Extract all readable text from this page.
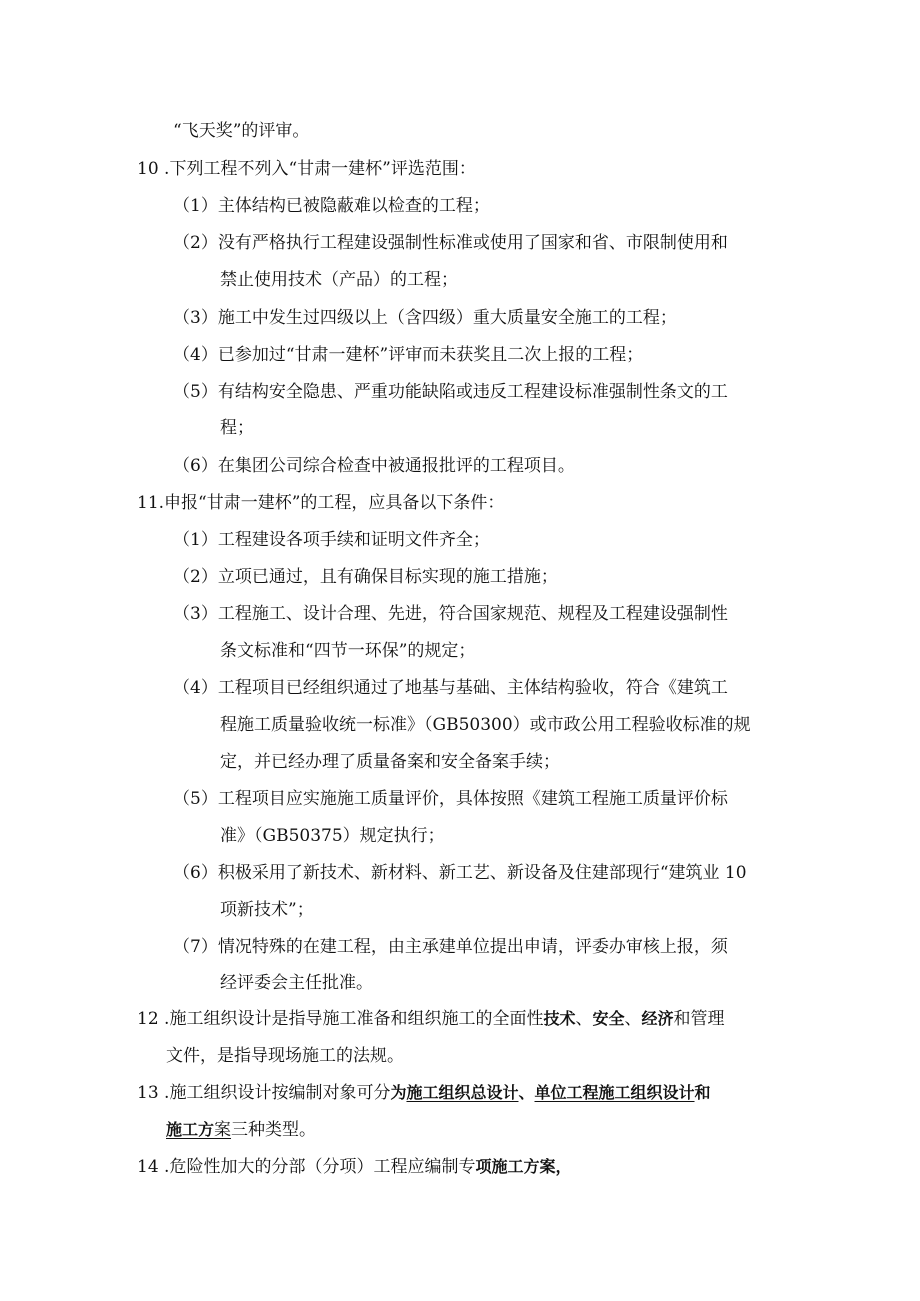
“飞天奖”的评审。
10 .下列工程不列入“甘肃一建杯”评选范围：
（1）主体结构已被隐蔽难以检查的工程；
（2）没有严格执行工程建设强制性标准或使用了国家和省、市限制使用和
禁止使用技术（产品）的工程；
（3）施工中发生过四级以上（含四级）重大质量安全施工的工程；
（4）已参加过“甘肃一建杯”评审而未获奖且二次上报的工程；
（5）有结构安全隐患、严重功能缺陷或违反工程建设标准强制性条文的工
程；
（6）在集团公司综合检查中被通报批评的工程项目。
11.申报“甘肃一建杯”的工程，应具备以下条件：
（1）工程建设各项手续和证明文件齐全；
（2）立项已通过，且有确保目标实现的施工措施；
（3）工程施工、设计合理、先进，符合国家规范、规程及工程建设强制性
条文标准和“四节一环保”的规定；
（4）工程项目已经组织通过了地基与基础、主体结构验收，符合《建筑工
程施工质量验收统一标准》（GB50300）或市政公用工程验收标准的规
定，并已经办理了质量备案和安全备案手续；
（5）工程项目应实施施工质量评价，具体按照《建筑工程施工质量评价标
准》（GB50375）规定执行；
（6）积极采用了新技术、新材料、新工艺、新设备及住建部现行“建筑业 10
项新技术”；
（7）情况特殊的在建工程，由主承建单位提出申请，评委办审核上报，须
经评委会主任批准。
12 .施工组织设计是指导施工准备和组织施工的全面性技术、安全、经济和管理
文件，是指导现场施工的法规。
13 .施工组织设计按编制对象可分为施工组织总设计、单位工程施工组织设计和
施工方案三种类型。
14 .危险性加大的分部（分项）工程应编制专项施工方案，
